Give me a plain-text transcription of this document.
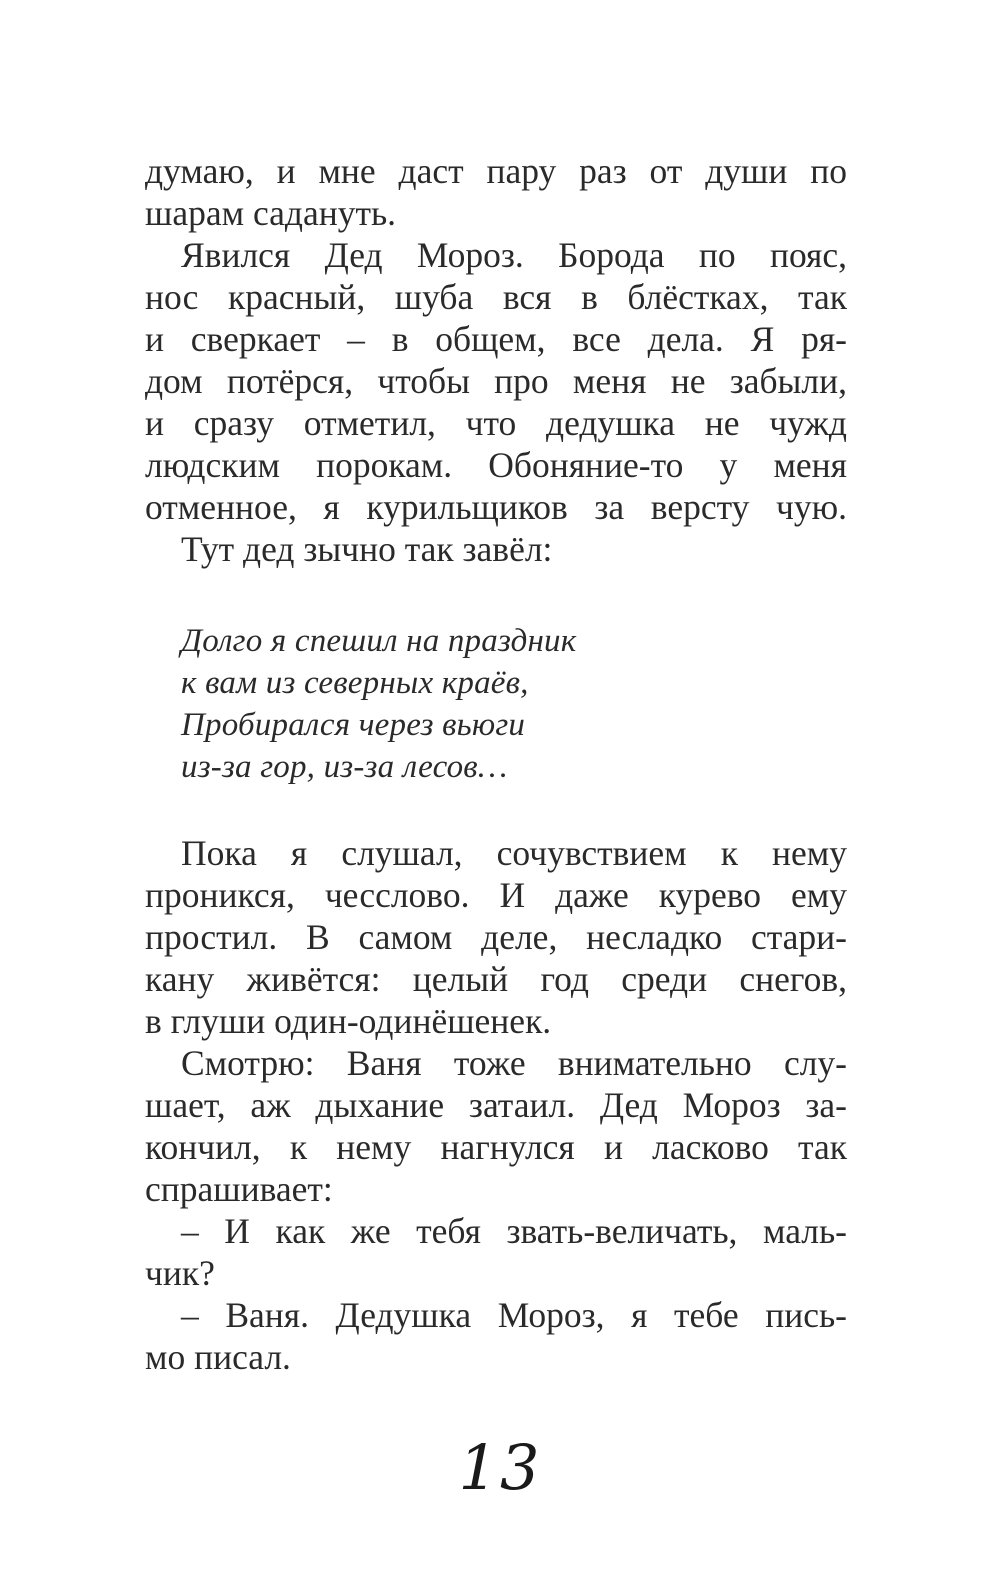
думаю, и мне даст пару раз от души по
шарам садануть.
Явился Дед Мороз. Борода по пояс,
нос красный, шуба вся в блёстках, так
и сверкает – в общем, все дела. Я ря-
дом потёрся, чтобы про меня не забыли,
и сразу отметил, что дедушка не чужд
людским порокам. Обоняние-то у меня
отменное, я курильщиков за версту чую.
Тут дед зычно так завёл:
Долго я спешил на праздник
к вам из северных краёв,
Пробирался через вьюги
из-за гор, из-за лесов…
Пока я слушал, сочувствием к нему
проникся, чесслово. И даже курево ему
простил. В самом деле, несладко стари-
кану живётся: целый год среди снегов,
в глуши один-одинёшенек.
Смотрю: Ваня тоже внимательно слу-
шает, аж дыхание затаил. Дед Мороз за-
кончил, к нему нагнулся и ласково так
спрашивает:
– И как же тебя звать-величать, маль-
чик?
– Ваня. Дедушка Мороз, я тебе пись-
мо писал.
13
